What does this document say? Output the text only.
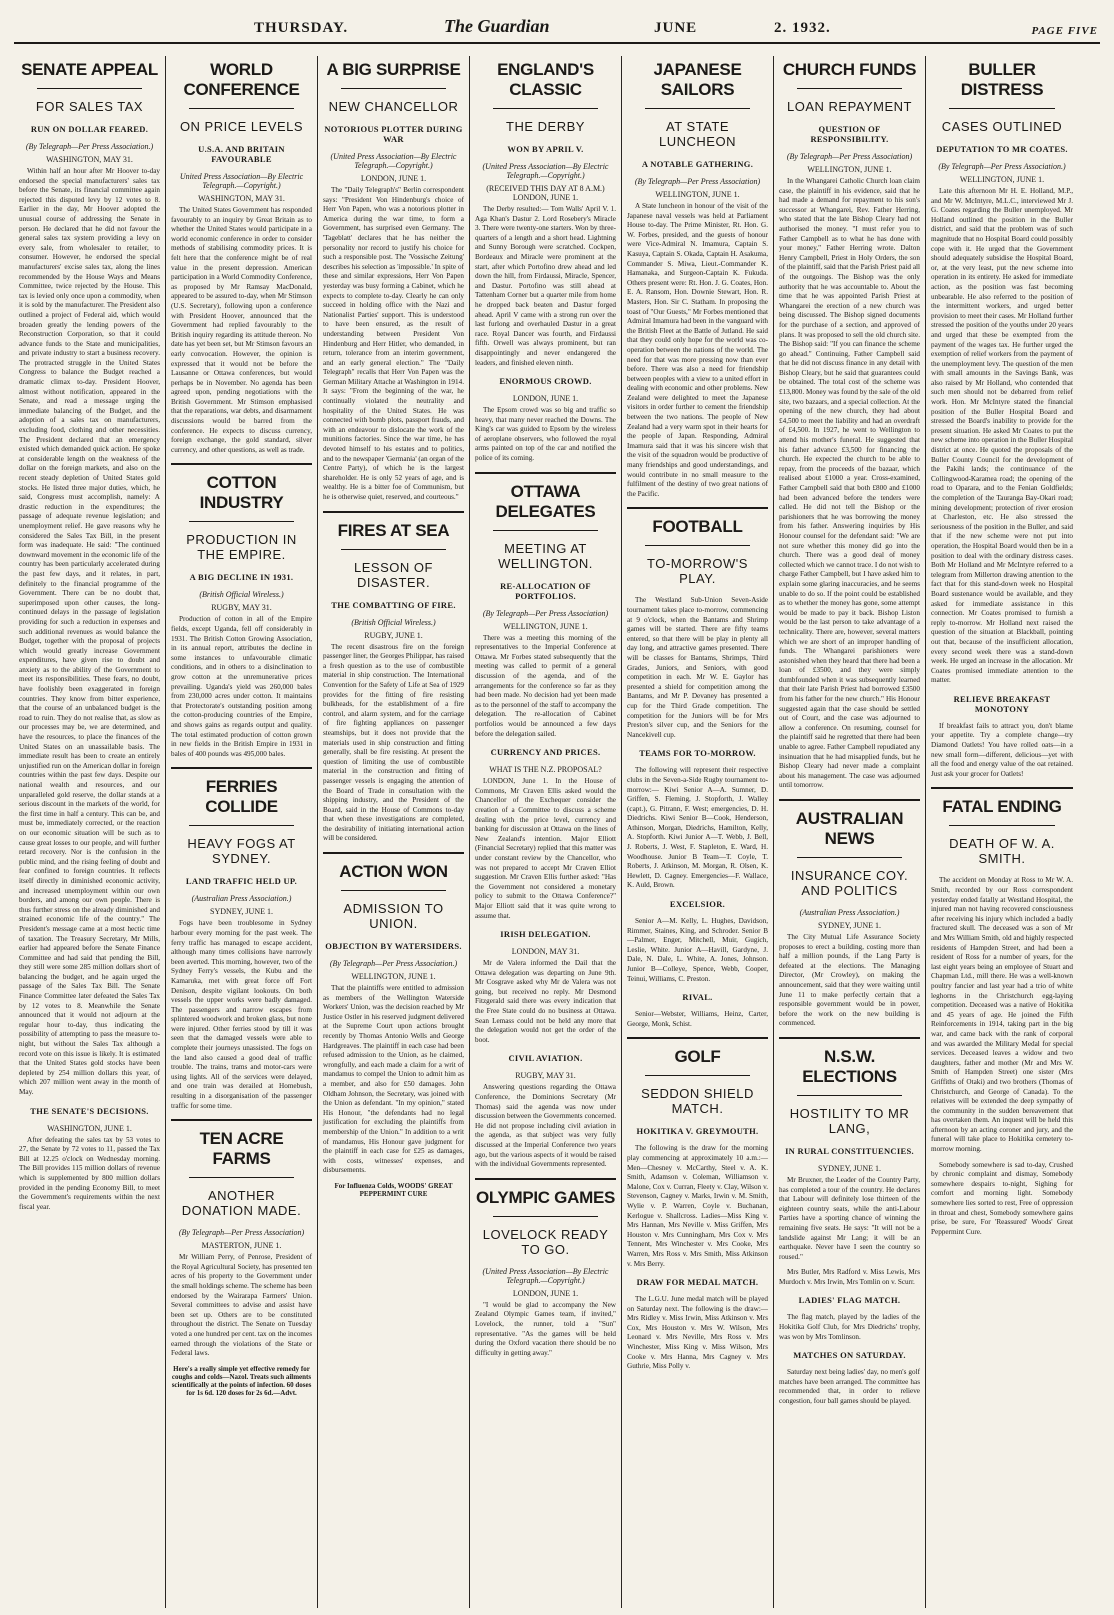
THURSDAY.	The Guardian	JUNE	2. 1932.	PAGE FIVE
SENATE APPEAL
FOR SALES TAX
RUN ON DOLLAR FEARED.
(By Telegraph—Per Press Association.)
WASHINGTON, MAY 31.

Within half an hour after Mr Hoover to-day endorsed the special manufacturers' sales tax before the Senate, its financial committee again rejected this disputed levy by 12 votes to 8. Earlier in the day, Mr Hoover adopted the unusual course of addressing the Senate in person. He declared that he did not favour the general sales tax system providing a levy on every sale, from wholesaler to retailer, to consumer. However, he endorsed the special manufacturers' excise sales tax, along the lines recommended by the House Ways and Means Committee, twice rejected by the House. This tax is levied only once upon a commodity, when it is sold by the manufacturer. The President also outlined a project of Federal aid, which would broaden greatly the lending powers of the Reconstruction Corporation, so that it could advance funds to the State and municipalities, and private industry to start a business recovery. The protracted struggle in the United States Congress to balance the Budget reached a dramatic climax to-day. President Hoover, almost without notification, appeared in the Senate, and read a message urging the immediate balancing of the Budget, and the adoption of a sales tax on manufacturers, excluding food, clothing and other necessities. The President declared that an emergency existed which demanded quick action. He spoke at considerable length on the weakness of the dollar on the foreign markets, and also on the recent steady depletion of United States gold stocks. He listed three major duties, which, he said, Congress must accomplish, namely: A drastic reduction in the expenditures; the passage of adequate revenue legislation; and unemployment relief. He gave reasons why he considered the Sales Tax Bill, in the present form was inadequate. He said: "The continued downward movement in the economic life of the country has been particularly accelerated during the past few days, and it relates, in part, definitely to the financial programme of the Government. There can be no doubt that, superimposed upon other causes, the long-continued delays in the passage of legislation providing for such a reduction in expenses and such additional revenues as would balance the Budget, together with the proposal of projects which would greatly increase Government expenditures, have given rise to doubt and anxiety as to the ability of the Government to meet its responsibilities. These fears, no doubt, have foolishly been exaggerated in foreign countries. They know from bitter experience, that the course of an unbalanced budget is the road to ruin. They do not realise that, as slow as our processes may be, we are determined, and have the resources, to place the finances of the United States on an unassailable basis. The immediate result has been to create an entirely unjustified run on the American dollar in foreign countries within the past few days. Despite our national wealth and resources, and our unparalleled gold reserve, the dollar stands at a serious discount in the markets of the world, for the first time in half a century. This can be, and must be, immediately corrected, or the reaction on our economic situation will be such as to cause great losses to our people, and will further retard recovery. Nor is the confusion in the public mind, and the rising feeling of doubt and fear confined to foreign countries. It reflects itself directly in diminished economic activity, and increased unemployment within our own borders, and among our own people. There is thus further stress on the already diminished and strained economic life of the country." The President's message came at a most hectic time of taxation. The Treasury Secretary, Mr Mills, earlier had appeared before the Senate Finance Committee and had said that pending the Bill, they still were some 285 million dollars short of balancing the budget, and he again urged the passage of the Sales Tax Bill. The Senate Finance Committee later defeated the Sales Tax by 12 votes to 8. Meanwhile the Senate announced that it would not adjourn at the regular hour to-day, thus indicating the possibility of attempting to pass the measure to-night, but without the Sales Tax although a record vote on this issue is likely. It is estimated that the United States gold stocks have been depleted by 254 million dollars this year, of which 207 million went away in the month of May.

THE SENATE'S DECISIONS.
WASHINGTON, JUNE 1.

After defeating the sales tax by 53 votes to 27, the Senate by 72 votes to 11, passed the Tax Bill at 12.25 o'clock on Wednesday morning. The Bill provides 115 million dollars of revenue which is supplemented by 800 million dollars provided in the pending Economy Bill, to meet the Government's requirements within the next fiscal year.

WORLD CONFERENCE
ON PRICE LEVELS
U.S.A. AND BRITAIN FAVOURABLE
United Press Association—By Electric Telegraph.—Copyright.)
WASHINGTON, MAY 31.

The United States Government has responded favourably to an inquiry by Great Britain as to whether the United States would participate in a world economic conference in order to consider methods of stabilising commodity prices. It is felt here that the conference might be of real value in the present depression. American participation in a World Commodity Conference, as proposed by Mr Ramsay MacDonald, appeared to be assured to-day, when Mr Stimson (U.S. Secretary), following upon a conference with President Hoover, announced that the Government had replied favourably to the British inquiry regarding its attitude thereon. No date has yet been set, but Mr Stimson favours an early convocation. However, the opinion is expressed that it would not be before the Lausanne or Ottawa conferences, but would perhaps be in November. No agenda has been agreed upon, pending negotiations with the British Government. Mr Stimson emphasised that the reparations, war debts, and disarmament discussions would be barred from the conference. He expects to discuss currency, foreign exchange, the gold standard, silver currency, and other questions, as well as trade.

COTTON INDUSTRY
PRODUCTION IN THE EMPIRE.
A BIG DECLINE IN 1931.
(British Official Wireless.)
RUGBY, MAY 31.

Production of cotton in all of the Empire fields, except Uganda, fell off considerably in 1931. The British Cotton Growing Association, in its annual report, attributes the decline in some instances to unfavourable climatic conditions, and in others to a disinclination to grow cotton at the unremunerative prices prevailing. Uganda's yield was 260,000 bales from 230,000 acres under cotton. It maintains that Protectorate's outstanding position among the cotton-producing countries of the Empire, and shows gains as regards output and quality. The total estimated production of cotton grown in new fields in the British Empire in 1931 in bales of 400 pounds was 495,000 bales.

FERRIES COLLIDE
HEAVY FOGS AT SYDNEY.
LAND TRAFFIC HELD UP.
(Australian Press Association.)
SYDNEY, JUNE 1.

Fogs have been troublesome in Sydney harbour every morning for the past week. The ferry traffic has managed to escape accident, although many times collisions have narrowly been averted. This morning, however, two of the Sydney Ferry's vessels, the Kubu and the Kamaruka, met with great force off Fort Denison, despite vigilant lookouts. On both vessels the upper works were badly damaged. The passengers and narrow escapes from splintered woodwork and broken glass, but none were injured. Other ferries stood by till it was seen that the damaged vessels were able to complete their journeys unassisted. The fogs on the land also caused a good deal of traffic trouble. The trains, trams and motor-cars were using lights. All of the services were delayed, and one train was derailed at Homebush, resulting in a disorganisation of the passenger traffic for some time.

TEN ACRE FARMS
ANOTHER DONATION MADE.
(By Telegraph—Per Press Association)
MASTERTON, JUNE 1.

Mr William Perry, of Penrose, President of the Royal Agricultural Society, has presented ten acres of his property to the Government under the small holdings scheme. The scheme has been endorsed by the Wairarapa Farmers' Union. Several committees to advise and assist have been set up. Others are to be constituted throughout the district. The Senate on Tuesday voted a one hundred per cent. tax on the incomes earned through the violations of the State or Federal laws.

Here's a really simple yet effective remedy for coughs and colds—Nazol. Treats such ailments scientifically at the points of infection. 60 doses for 1s 6d. 120 doses for 2s 6d.—Advt.
A BIG SURPRISE
NEW CHANCELLOR
NOTORIOUS PLOTTER DURING WAR
(United Press Association—By Electric Telegraph.—Copyright.)
LONDON, JUNE 1.

The "Daily Telegraph's" Berlin correspondent says: "President Von Hindenburg's choice of Herr Von Papen, who was a notorious plotter in America during the war time, to form a Government, has surprised even Germany. The 'Tageblatt' declares that he has neither the personality nor record to justify his choice for such a responsible post. The 'Vossische Zeitung' describes his selection as 'impossible.' In spite of these and similar expressions, Herr Von Papen yesterday was busy forming a Cabinet, which he expects to complete to-day. Clearly he can only succeed in holding office with the Nazi and Nationalist Parties' support. This is understood to have been ensured, as the result of understanding between President Von Hindenburg and Herr Hitler, who demanded, in return, tolerance from an interim government, and an early general election." The "Daily Telegraph" recalls that Herr Von Papen was the German Military Attache at Washington in 1914. It says: "From the beginning of the war, he continually violated the neutrality and hospitality of the United States. He was connected with bomb plots, passport frauds, and with an endeavour to dislocate the work of the munitions factories. Since the war time, he has devoted himself to his estates and to politics, and to the newspaper 'Germania' (an organ of the Centre Party), of which he is the largest shareholder. He is only 52 years of age, and is wealthy. He is a bitter foe of Communism, but he is otherwise quiet, reserved, and courteous."

FIRES AT SEA
LESSON OF DISASTER.
THE COMBATTING OF FIRE.
(British Official Wireless.)
RUGBY, JUNE 1.

The recent disastrous fire on the foreign passenger liner, the Georges Philippar, has raised a fresh question as to the use of combustible material in ship construction. The International Convention for the Safety of Life at Sea of 1929 provides for the fitting of fire resisting bulkheads, for the establishment of a fire control, and alarm system, and for the carriage of fire fighting appliances on passenger steamships, but it does not provide that the materials used in ship construction and fitting generally, shall be fire resisting. At present the question of limiting the use of combustible material in the construction and fitting of passenger vessels is engaging the attention of the Board of Trade in consultation with the shipping industry, and the President of the Board, said in the House of Commons to-day that when these investigations are completed, the desirability of initiating international action will be considered.

ACTION WON
ADMISSION TO UNION.
OBJECTION BY WATERSIDERS.
(By Telegraph—Per Press Association.)
WELLINGTON, JUNE 1.

That the plaintiffs were entitled to admission as members of the Wellington Waterside Workers' Union, was the decision reached by Mr Justice Ostler in his reserved judgment delivered at the Supreme Court upon actions brought recently by Thomas Antonio Wells and George Hardgreaves. The plaintiff in each case had been refused admission to the Union, as he claimed, wrongfully, and each made a claim for a writ of mandamus to compel the Union to admit him as a member, and also for £50 damages. John Oldham Johnson, the Secretary, was joined with the Union as defendant. "In my opinion," stated His Honour, "the defendants had no legal justification for excluding the plaintiffs from membership of the Union." In addition to a writ of mandamus, His Honour gave judgment for the plaintiff in each case for £25 as damages, with costs, witnesses' expenses, and disbursements.

For Influenza Colds, WOODS' GREAT PEPPERMINT CURE
ENGLAND'S CLASSIC
THE DERBY
WON BY APRIL V.
(United Press Association—By Electric Telegraph.—Copyright.)
(RECEIVED THIS DAY AT 8 A.M.) LONDON, JUNE 1.

The Derby resulted:— Tom Walls' April V. 1. Aga Khan's Dastur 2. Lord Rosebery's Miracle 3. There were twenty-one starters. Won by three-quarters of a length and a short head. Lightning and Sunny Borough were scratched. Cockpen, Bordeaux and Miracle were prominent at the start, after which Portofino drew ahead and led down the hill, from Firdaussi, Miracle, Spencer, and Dastur. Portofino was still ahead at Tattenham Corner but a quarter mile from home he dropped back beaten and Dastur forged ahead. April V came with a strong run over the last furlong and overhauled Dastur in a great race. Royal Dancer was fourth, and Firdaussi fifth. Orwell was always prominent, but ran disappointingly and never endangered the leaders, and finished eleven ninth.

ENORMOUS CROWD.
LONDON, JUNE 1.

The Epsom crowd was so big and traffic so heavy, that many never reached the Downs. The King's car was guided to Epsom by the wireless of aeroplane observers, who followed the royal arms painted on top of the car and notified the police of its coming.

OTTAWA DELEGATES
MEETING AT WELLINGTON.
RE-ALLOCATION OF PORTFOLIOS.
(By Telegraph—Per Press Association)
WELLINGTON, JUNE 1.

There was a meeting this morning of the representatives to the Imperial Conference at Ottawa. Mr Forbes stated subsequently that the meeting was called to permit of a general discussion of the agenda, and of the arrangements for the conference so far as they had been made. No decision had yet been made as to the personnel of the staff to accompany the delegation. The re-allocation of Cabinet portfolios would be announced a few days before the delegation sailed.

CURRENCY AND PRICES.
WHAT IS THE N.Z. PROPOSAL?

LONDON, June 1. In the House of Commons, Mr Craven Ellis asked would the Chancellor of the Exchequer consider the creation of a Committee to discuss a scheme dealing with the price level, currency and banking for discussion at Ottawa on the lines of New Zealand's intention. Major Elliott (Financial Secretary) replied that this matter was under constant review by the Chancellor, who was not prepared to accept Mr Craven Elliot suggestion. Mr Craven Ellis further asked: "Has the Government not considered a monetary policy to submit to the Ottawa Conference?" Major Elliott said that it was quite wrong to assume that.

IRISH DELEGATION.
LONDON, MAY 31.

Mr de Valera informed the Dail that the Ottawa delegation was departing on June 9th. Mr Cosgrave asked why Mr de Valera was not going, but received no reply. Mr Desmond Fitzgerald said there was every indication that the Free State could do no business at Ottawa. Sean Lemass could not be held any more that the delegation would not get the order of the boot.

CIVIL AVIATION.
RUGBY, MAY 31.

Answering questions regarding the Ottawa Conference, the Dominions Secretary (Mr Thomas) said the agenda was now under discussion between the Governments concerned. He did not propose including civil aviation in the agenda, as that subject was very fully discussed at the Imperial Conference two years ago, but the various aspects of it would be raised with the individual Governments represented.

OLYMPIC GAMES
LOVELOCK READY TO GO.
(United Press Association—By Electric Telegraph.—Copyright.)
LONDON, JUNE 1.

"I would be glad to accompany the New Zealand Olympic Games team, if invited," Lovelock, the runner, told a "Sun" representative. "As the games will be held during the Oxford vacation there should be no difficulty in getting away."

JAPANESE SAILORS
AT STATE LUNCHEON
A NOTABLE GATHERING.
(By Telegraph—Per Press Association)
WELLINGTON, JUNE 1.

A State luncheon in honour of the visit of the Japanese naval vessels was held at Parliament House to-day. The Prime Minister, Rt. Hon. G. W. Forbes, presided, and the guests of honour were Vice-Admiral N. Imamura, Captain S. Kasuya, Captain S. Okada, Captain H. Asakuma, Commander S. Miwa, Lieut.-Commander K. Hamanaka, and Surgeon-Captain K. Fukuda. Others present were: Rt. Hon. J. G. Coates, Hon. E. A. Ransom, Hon. Downie Stewart, Hon. R. Masters, Hon. Sir C. Statham. In proposing the toast of "Our Guests," Mr Forbes mentioned that Admiral Imamura had been in the vanguard with the British Fleet at the Battle of Jutland. He said that they could only hope for the world was co-operation between the nations of the world. The need for that was more pressing now than ever before. There was also a need for friendship between peoples with a view to a united effort in dealing with economic and other problems. New Zealand were delighted to meet the Japanese visitors in order further to cement the friendship between the two nations. The people of New Zealand had a very warm spot in their hearts for the people of Japan. Responding, Admiral Imamura said that it was his sincere wish that the visit of the squadron would be productive of many friendships and good understandings, and would contribute in no small measure to the fulfilment of the destiny of two great nations of the Pacific.

FOOTBALL
TO-MORROW'S PLAY.

The Westland Sub-Union Seven-Aside tournament takes place to-morrow, commencing at 9 o'clock, when the Bantams and Shrimp games will be started. There are fifty teams entered, so that there will be play in plenty all day long, and attractive games presented. There will be classes for Bantams, Shrimps, Third Grades, Juniors, and Seniors, with good competition in each. Mr W. E. Gaylor has presented a shield for competition among the Bantams, and Mr P. Devaney has presented a cup for the Third Grade competition. The competition for the Juniors will be for Mrs Preston's silver cup, and the Seniors for the Nancekivell cup.

TEAMS FOR TO-MORROW.

The following will represent their respective clubs in the Seven-a-Side Rugby tournament to-morrow:— Kiwi Senior A—A. Sumner, D. Griffen, S. Fleming, J. Stopforth, J. Walley (capt.), G. Pitrann, F. West; emergencies, D. H. Diedrichs. Kiwi Senior B—Cook, Henderson, Athinson, Morgan, Diedrichs, Hamilton, Kelly, A. Stopforth. Kiwi Junior A—T. Webb, J. Bell, J. Roberts, J. West, F. Stapleton, E. Ward, H. Woodhouse. Junior B Team—T. Coyle, T. Roberts, J. Atkinson, M. Morgan, R. Olsen, K. Hewlett, D. Cagney. Emergencies—F. Wallace, K. Auld, Brown.

EXCELSIOR.

Senior A—M. Kelly, L. Hughes, Davidson, Rimmer, Staines, King, and Schroder. Senior B—Palmer, Enger, Mitchell, Muir, Gugich, Leslie, White. Junior A—Havill, Gardyne, J. Dale, N. Dale, L. White, A. Jones, Johnson. Junior B—Colleye, Spence, Webb, Cooper, Teinui, Williams, C. Preston.

RIVAL.

Senior—Webster, Williams, Heinz, Carter, George, Monk, Schist.

GOLF
SEDDON SHIELD MATCH.
HOKITIKA V. GREYMOUTH.

The following is the draw for the morning play commencing at approximately 10 a.m.:— Men—Chesney v. McCarthy, Steel v. A. K. Smith, Adamson v. Coleman, Williamson v. Malone, Cox v. Curran, Fleety v. Clay, Wilson v. Stevenson, Cagney v. Marks, Irwin v. M. Smith, Wylie v. P. Warren, Coyle v. Buchanan, Kerlogue v. Shallcross. Ladies—Miss King v. Mrs Hannan, Mrs Neville v. Miss Griffen, Mrs Houston v. Mrs Cunningham, Mrs Cox v. Mrs Tennent, Mrs Winchester v. Mrs Cooke, Mrs Warren, Mrs Ross v. Mrs Smith, Miss Atkinson v. Mrs Berry.

DRAW FOR MEDAL MATCH.

The L.G.U. June medal match will be played on Saturday next. The following is the draw:—Mrs Ridley v. Miss Irwin, Miss Atkinson v. Mrs Cox, Mrs Houston v. Mrs W. Wilson, Mrs Leonard v. Mrs Neville, Mrs Ross v. Mrs Winchester, Miss King v. Miss Wilson, Mrs Cooke v. Mrs Hanna, Mrs Cagney v. Mrs Guthrie, Miss Polly v.

CHURCH FUNDS
LOAN REPAYMENT
QUESTION OF RESPONSIBILITY.
(By Telegraph—Per Press Association)
WELLINGTON, JUNE 1.

In the Whangarei Catholic Church loan claim case, the plaintiff in his evidence, said that he had made a demand for repayment to his son's successor at Whangarei, Rev. Father Herring, who stated that the late Bishop Cleary had not authorised the money. "I must refer you to Father Campbell as to what he has done with your money," Father Herring wrote. Dalton Henry Campbell, Priest in Holy Orders, the son of the plaintiff, said that the Parish Priest paid all of the outgoings. The Bishop was the only authority that he was accountable to. About the time that he was appointed Parish Priest at Whangarei the erection of a new church was being discussed. The Bishop signed documents for the purchase of a section, and approved of plans. It was proposed to sell the old church site. The Bishop said: "If you can finance the scheme go ahead." Continuing, Father Campbell said that he did not discuss finance in any detail with Bishop Cleary, but he said that guarantees could be obtained. The total cost of the scheme was £13,800. Money was found by the sale of the old site, two bazaars, and a special collection. At the opening of the new church, they had about £4,500 to meet the liability and had an overdraft of £4,500. In 1927, he went to Wellington to attend his mother's funeral. He suggested that his father advance £3,500 for financing the church. He expected the church to be able to repay, from the proceeds of the bazaar, which realised about £1000 a year. Cross-examined, Father Campbell said that both £800 and £1000 had been advanced before the tenders were called. He did not tell the Bishop or the parishioners that he was borrowing the money from his father. Answering inquiries by His Honour counsel for the defendant said: "We are not sure whether this money did go into the church. There was a good deal of money collected which we cannot trace. I do not wish to charge Father Campbell, but I have asked him to explain some glaring inaccuracies, and he seems unable to do so. If the point could be established as to whether the money has gone, some attempt would be made to pay it back. Bishop Liston would be the last person to take advantage of a technicality. There are, however, several matters which we are short of an improper handling of funds. The Whangarei parishioners were astonished when they heard that there had been a loan of £3500, and they were simply dumbfounded when it was subsequently learned that their late Parish Priest had borrowed £3500 from his father for the new church." His Honour suggested again that the case should be settled out of Court, and the case was adjourned to allow a conference. On resuming, counsel for the plaintiff said he regretted that there had been unable to agree. Father Campbell repudiated any insinuation that he had misapplied funds, but he Bishop Cleary had never made a complaint about his management. The case was adjourned until tomorrow.

AUSTRALIAN NEWS
INSURANCE COY. AND POLITICS
(Australian Press Association.)
SYDNEY, JUNE 1.

The City Mutual Life Assurance Society proposes to erect a building, costing more than half a million pounds, if the Lang Party is defeated at the elections. The Managing Director, (Mr Crowley), on making the announcement, said that they were waiting until June 11 to make perfectly certain that a responsible government would be in power, before the work on the new building is commenced.

N.S.W. ELECTIONS
HOSTILITY TO MR LANG,
IN RURAL CONSTITUENCIES.
SYDNEY, JUNE 1.

Mr Bruxner, the Leader of the Country Party, has completed a tour of the country. He declares that Labour will definitely lose thirteen of the eighteen country seats, while the anti-Labour Parties have a sporting chance of winning the remaining five seats. He says: "It will not be a landslide against Mr Lang; it will be an earthquake. Never have I seen the country so roused."

Mrs Butler, Mrs Radford v. Miss Lewis, Mrs Murdoch v. Mrs Irwin, Mrs Tomlin on v. Scurr.

LADIES' FLAG MATCH.

The flag match, played by the ladies of the Hokitika Golf Club, for Mrs Diedrichs' trophy, was won by Mrs Tomlinson.

MATCHES ON SATURDAY.

Saturday next being ladies' day, no men's golf matches have been arranged. The committee has recommended that, in order to relieve congestion, four ball games should be played.

BULLER DISTRESS
CASES OUTLINED
DEPUTATION TO MR COATES.
(By Telegraph—Per Press Association.)
WELLINGTON, JUNE 1.

Late this afternoon Mr H. E. Holland, M.P., and Mr W. McIntyre, M.L.C., interviewed Mr J. G. Coates regarding the Buller unemployed. Mr Holland outlined the position in the Buller district, and said that the problem was of such magnitude that no Hospital Board could possibly cope with it. He urged that the Government should adequately subsidise the Hospital Board, or, at the very least, put the new scheme into operation in its entirety. He asked for immediate action, as the position was fast becoming unbearable. He also referred to the position of the intermittent workers, and urged better provision to meet their cases. Mr Holland further stressed the position of the youths under 20 years and urged that these be exempted from the payment of the wages tax. He further urged the exemption of relief workers from the payment of the unemployment levy. The question of the men with small amounts in the Savings Bank, was also raised by Mr Holland, who contended that such men should not be debarred from relief work. Hon. Mr McIntyre stated the financial position of the Buller Hospital Board and stressed the Board's inability to provide for the present situation. He asked Mr Coates to put the new scheme into operation in the Buller Hospital district at once. He quoted the proposals of the Buller County Council for the development of the Pakihi lands; the continuance of the Collingwood-Karamea road; the opening of the road to Oparara, and to the Fenian Goldfields; the completion of the Tauranga Bay-Okari road; mining development; protection of river erosion at Charleston, etc. He also stressed the seriousness of the position in the Buller, and said that if the new scheme were not put into operation, the Hospital Board would then be in a position to deal with the ordinary distress cases. Both Mr Holland and Mr McIntyre referred to a telegram from Millerton drawing attention to the fact that for this stand-down week no Hospital Board sustenance would be available, and they asked for immediate assistance in this connection. Mr Coates promised to furnish a reply to-morrow. Mr Holland next raised the question of the situation at Blackball, pointing out that, because of the insufficient allocation, every second week there was a stand-down week. He urged an increase in the allocation. Mr Coates promised immediate attention to the matter.

RELIEVE BREAKFAST MONOTONY

If breakfast fails to attract you, don't blame your appetite. Try a complete change—try Diamond Oatlets! You have rolled oats—in a new small form—different, delicious—yet with all the food and energy value of the oat retained. Just ask your grocer for Oatlets!

FATAL ENDING
DEATH OF W. A. SMITH.

The accident on Monday at Ross to Mr W. A. Smith, recorded by our Ross correspondent yesterday ended fatally at Westland Hospital, the injured man not having recovered consciousness after receiving his injury which included a badly fractured skull. The deceased was a son of Mr and Mrs William Smith, old and highly respected residents of Hampden Street, and had been a resident of Ross for a number of years, for the last eight years being an employee of Stuart and Chapman Ltd., mill there. He was a well-known poultry fancier and last year had a trio of white leghorns in the Christchurch egg-laying competition. Deceased was a native of Hokitika and 45 years of age. He joined the Fifth Reinforcements in 1914, taking part in the big war, and came back with the rank of corporal and was awarded the Military Medal for special services. Deceased leaves a widow and two daughters, father and mother (Mr and Mrs W. Smith of Hampden Street) one sister (Mrs Griffiths of Otaki) and two brothers (Thomas of Christchurch, and George of Canada). To the relatives will be extended the deep sympathy of the community in the sudden bereavement that has overtaken them. An inquest will be held this afternoon by an acting coroner and jury, and the funeral will take place to Hokitika cemetery to-morrow morning.

Somebody somewhere is sad to-day, Crushed by chronic complaint and dismay, Somebody somewhere despairs to-night, Sighing for comfort and morning light. Somebody somewhere lies sorted to rest, Free of oppression in throat and chest, Somebody somewhere gains prise, be sure, For 'Reassured' Woods' Great Peppermint Cure.
